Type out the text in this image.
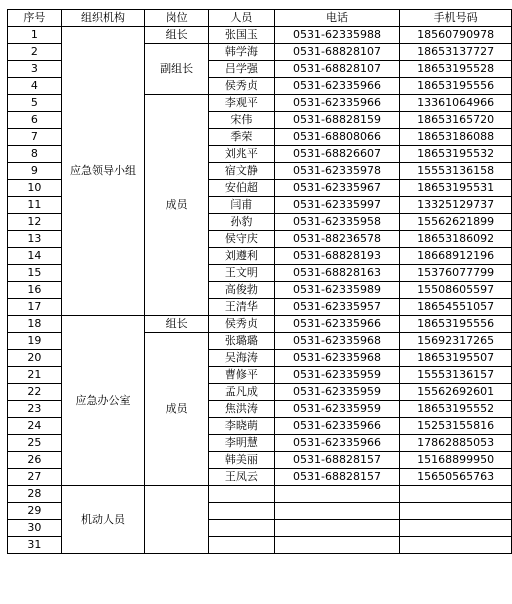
序号	组织机构	岗位	人员	电话	手机号码
1	应急领导小组	组长	张国玉	0531-62335988	18560790978
2		副组长	韩学海	0531-68828107	18653137727
3			吕学强	0531-68828107	18653195528
4			侯秀贞	0531-62335966	18653195556
5		成员	李观平	0531-62335966	13361064966
6			宋伟	0531-68828159	18653165720
7			季荣	0531-68808066	18653186088
8			刘兆平	0531-68826607	18653195532
9			宿文静	0531-62335978	15553136158
10			安伯超	0531-62335967	18653195531
11			闫甫	0531-62335997	13325129737
12			孙豹	0531-62335958	15562621899
13			侯守庆	0531-88236578	18653186092
14			刘遵利	0531-68828193	18668912196
15			王文明	0531-68828163	15376077799
16			高俊勃	0531-62335989	15508605597
17			王清华	0531-62335957	18654551057
18	应急办公室	组长	侯秀贞	0531-62335966	18653195556
19		成员	张璐璐	0531-62335968	15692317265
20			吴海涛	0531-62335968	18653195507
21			曹修平	0531-62335959	15553136157
22			孟凡成	0531-62335959	15562692601
23			焦洪涛	0531-62335959	18653195552
24			李晓萌	0531-62335966	15253155816
25			李明慧	0531-62335966	17862885053
26			韩美丽	0531-68828157	15168899950
27			王凤云	0531-68828157	15650565763
28	机动人员				
29					
30					
31					
